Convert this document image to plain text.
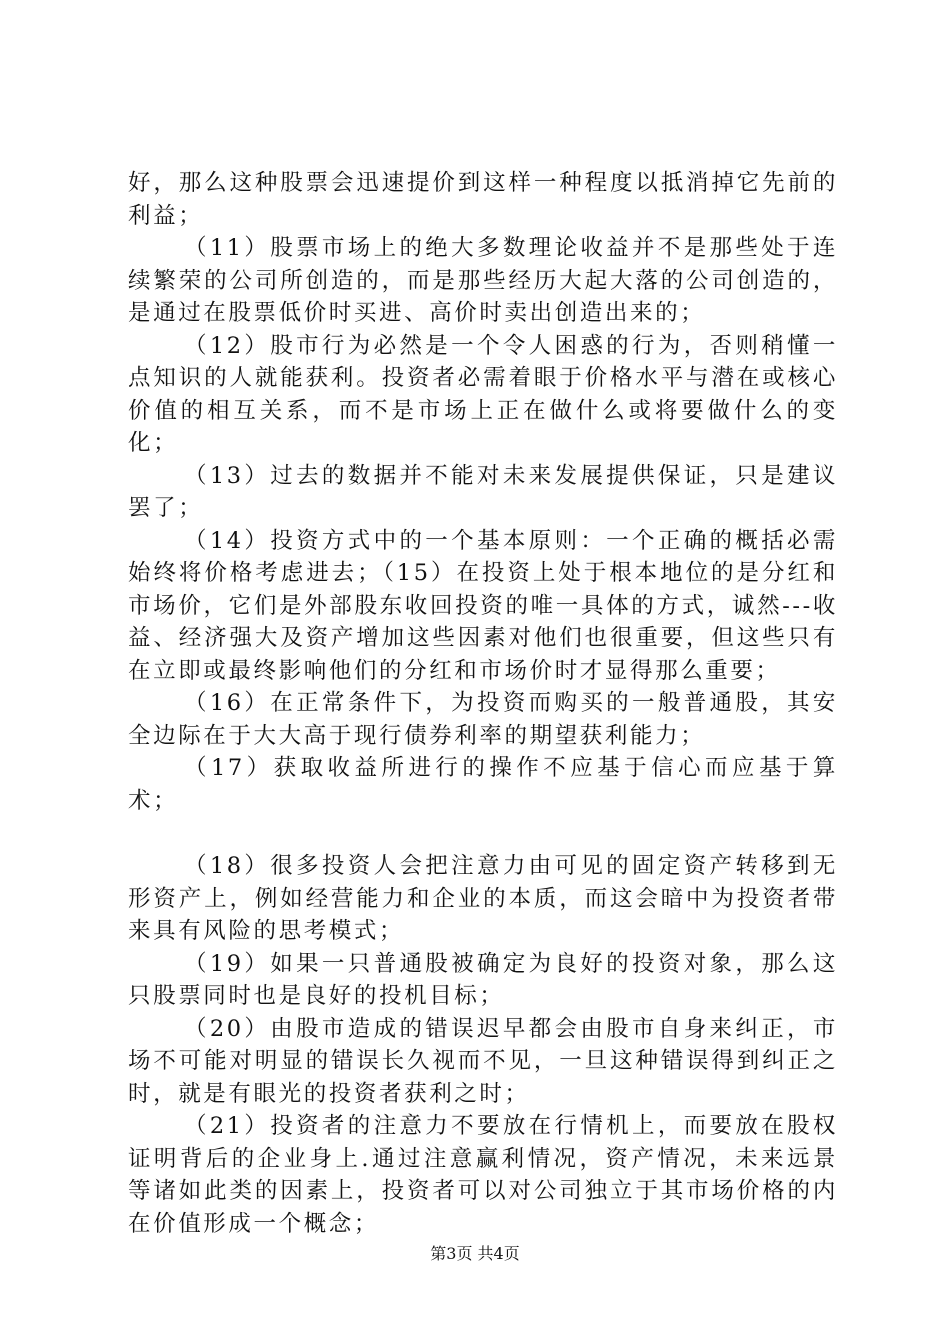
好，那么这种股票会迅速提价到这样一种程度以抵消掉它先前的利益；

（11）股票市场上的绝大多数理论收益并不是那些处于连续繁荣的公司所创造的，而是那些经历大起大落的公司创造的，是通过在股票低价时买进、高价时卖出创造出来的；

（12）股市行为必然是一个令人困惑的行为，否则稍懂一点知识的人就能获利。投资者必需着眼于价格水平与潜在或核心价值的相互关系，而不是市场上正在做什么或将要做什么的变化；

（13）过去的数据并不能对未来发展提供保证，只是建议罢了；

（14）投资方式中的一个基本原则：一个正确的概括必需始终将价格考虑进去；（15）在投资上处于根本地位的是分红和市场价，它们是外部股东收回投资的唯一具体的方式，诚然---收益、经济强大及资产增加这些因素对他们也很重要，但这些只有在立即或最终影响他们的分红和市场价时才显得那么重要；

（16）在正常条件下，为投资而购买的一般普通股，其安全边际在于大大高于现行债券利率的期望获利能力；

（17）获取收益所进行的操作不应基于信心而应基于算术；

（18）很多投资人会把注意力由可见的固定资产转移到无形资产上，例如经营能力和企业的本质，而这会暗中为投资者带来具有风险的思考模式；

（19）如果一只普通股被确定为良好的投资对象，那么这只股票同时也是良好的投机目标；

（20）由股市造成的错误迟早都会由股市自身来纠正，市场不可能对明显的错误长久视而不见，一旦这种错误得到纠正之时，就是有眼光的投资者获利之时；

（21）投资者的注意力不要放在行情机上，而要放在股权证明背后的企业身上.通过注意赢利情况，资产情况，未来远景等诸如此类的因素上，投资者可以对公司独立于其市场价格的内在价值形成一个概念；

第3页 共4页
